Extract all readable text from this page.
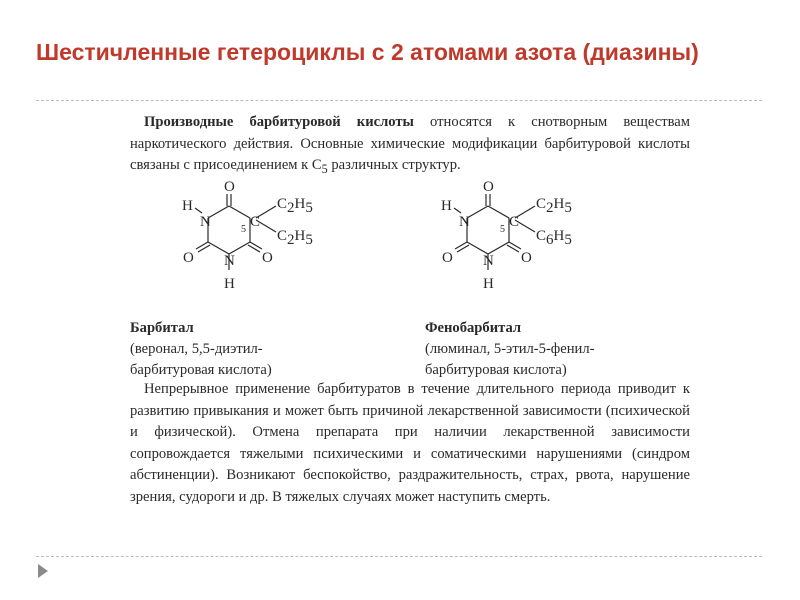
Шестичленные гетероциклы с 2 атомами азота (диазины)

Производные барбитуровой кислоты относятся к снотворным веществам наркотического действия. Основные химические модификации барбитуровой кислоты связаны с присоединением к $C_5$ различных структур.

O
H
N	C
5
C2H5
C2H5
O N O
H
O
H
N	C
5
C2H5
C6H5
O N O
H
Барбитал
(веронал, 5,5-диэтил-
барбитуровая кислота)
Фенобарбитал
(люминал, 5-этил-5-фенил-
барбитуровая кислота)

Непрерывное применение барбитуратов в течение длительного периода приводит к развитию привыкания и может быть причиной лекарственной зависимости (психической и физической). Отмена препарата при наличии лекарственной зависимости сопровождается тяжелыми психическими и соматическими нарушениями (синдром абстиненции). Возникают беспокойство, раздражительность, страх, рвота, нарушение зрения, судороги и др. В тяжелых случаях может наступить смерть.
